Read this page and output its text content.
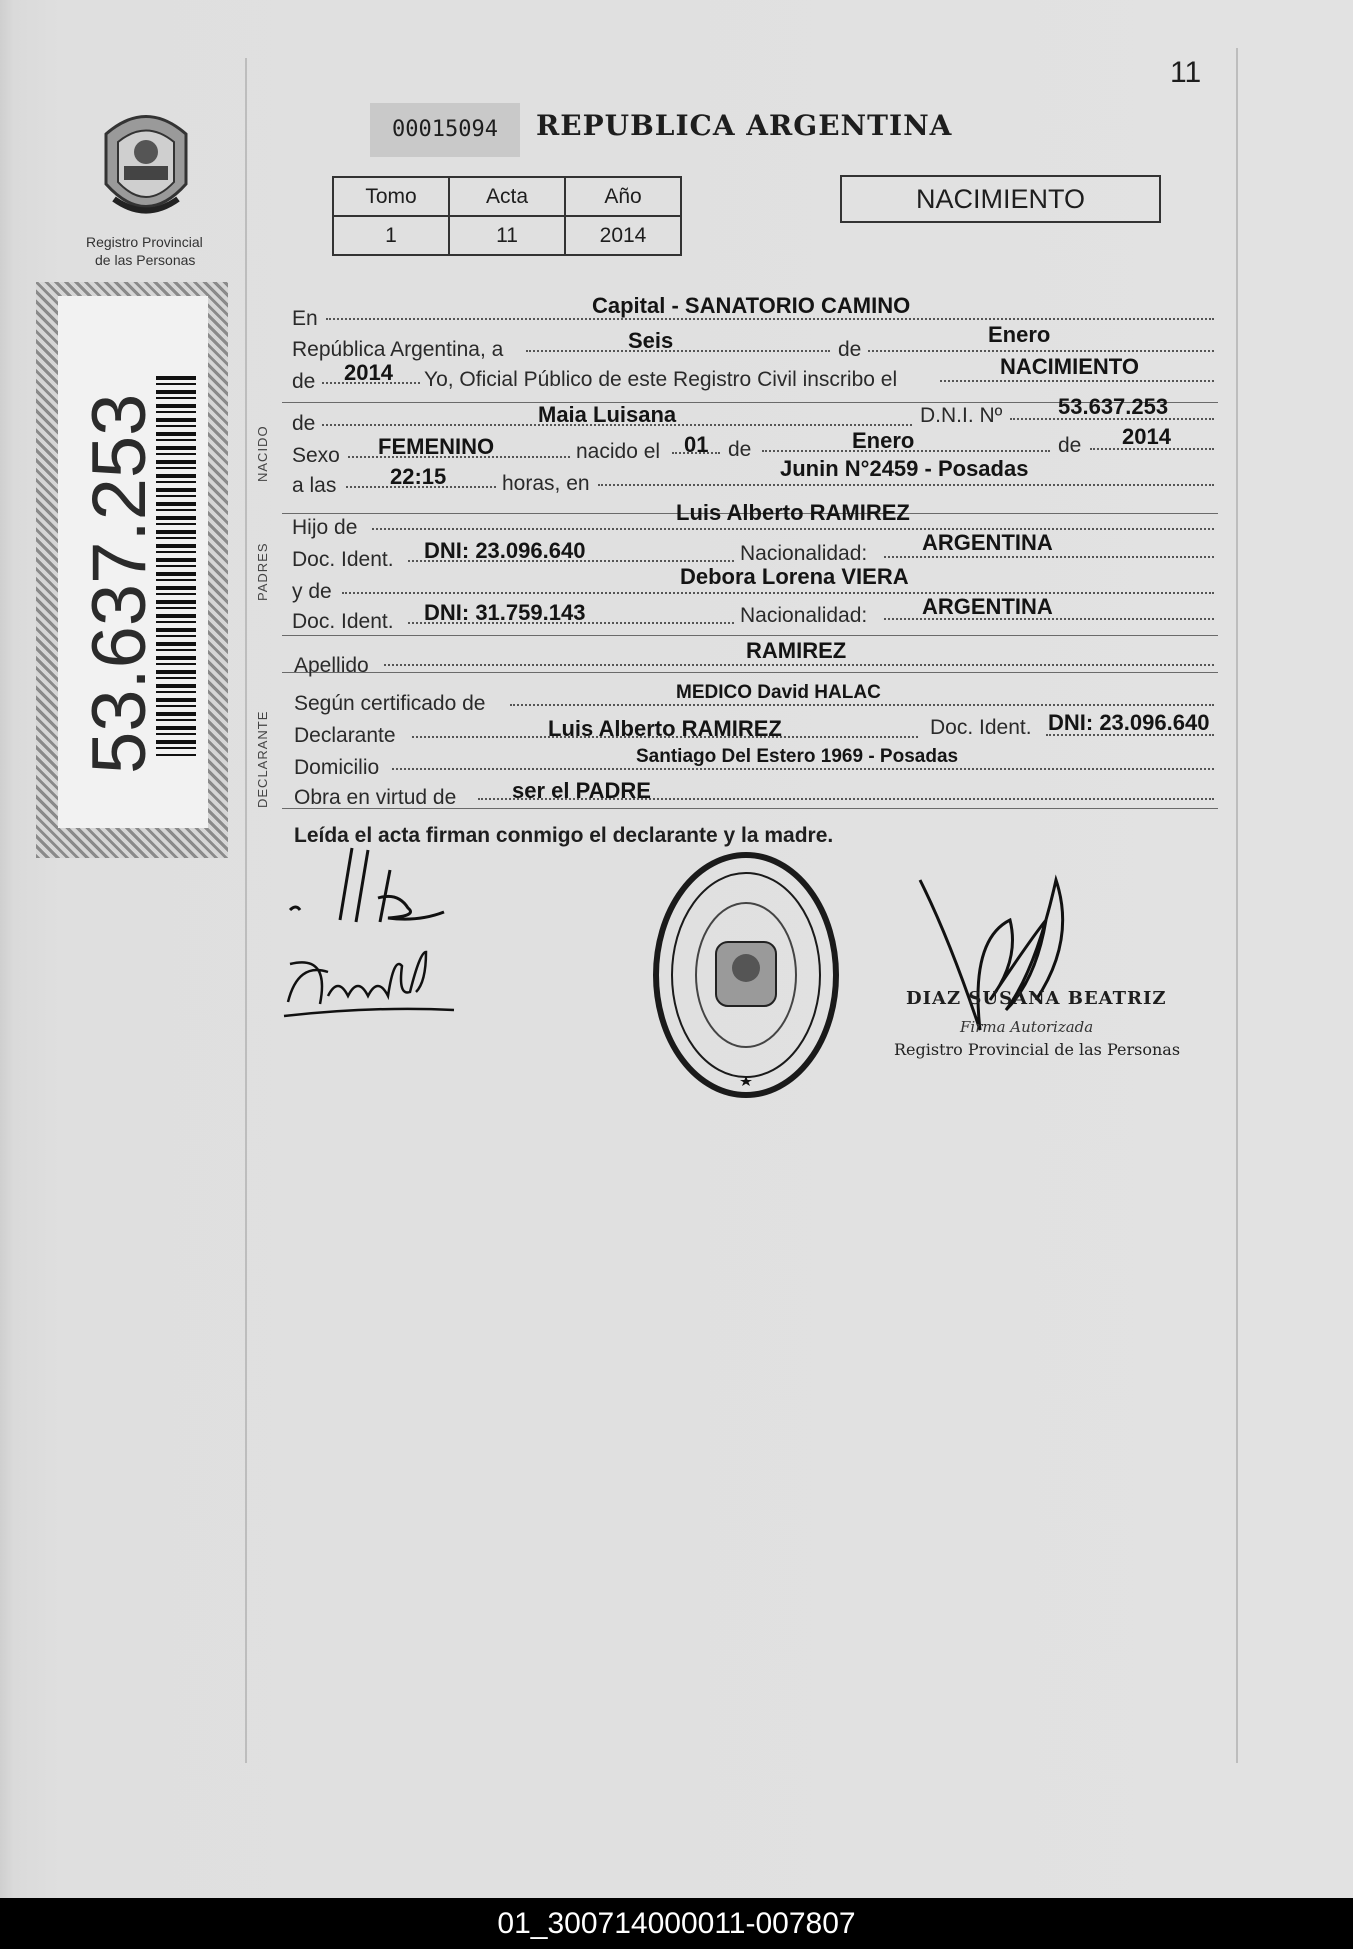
11
Registro Provincial
de las Personas
53.637.253
00015094	REPUBLICA ARGENTINA
Tomo	Acta	Año
1	11	2014
NACIMIENTO
NACIDO
PADRES
DECLARANTE
En
Capital - SANATORIO CAMINO
República Argentina, a	Seis	de
Enero
de 2014 Yo, Oficial Público de este Registro Civil inscribo el
NACIMIENTO
de	Maia Luisana	D.N.I. Nº	53.637.253
Sexo FEMENINO	nacido el 01 de	Enero	de 2014
a las 22:15	horas, en
Junin N°2459 - Posadas
Hijo de
Luis Alberto RAMIREZ
Doc. Ident. DNI: 23.096.640	Nacionalidad: ARGENTINA
y de
Debora Lorena VIERA
Doc. Ident. DNI: 31.759.143	Nacionalidad: ARGENTINA
Apellido
RAMIREZ
Según certificado de	MEDICO David HALAC
Declarante	Luis Alberto RAMIREZ	Doc. Ident. DNI: 23.096.640
Domicilio	Santiago Del Estero 1969 - Posadas
Obra en virtud de	ser el PADRE
Leída el acta firman conmigo el declarante y la madre.
DIAZ SUSANA BEATRIZ
Firma Autorizada
Registro Provincial de las Personas
01_300714000011-007807
